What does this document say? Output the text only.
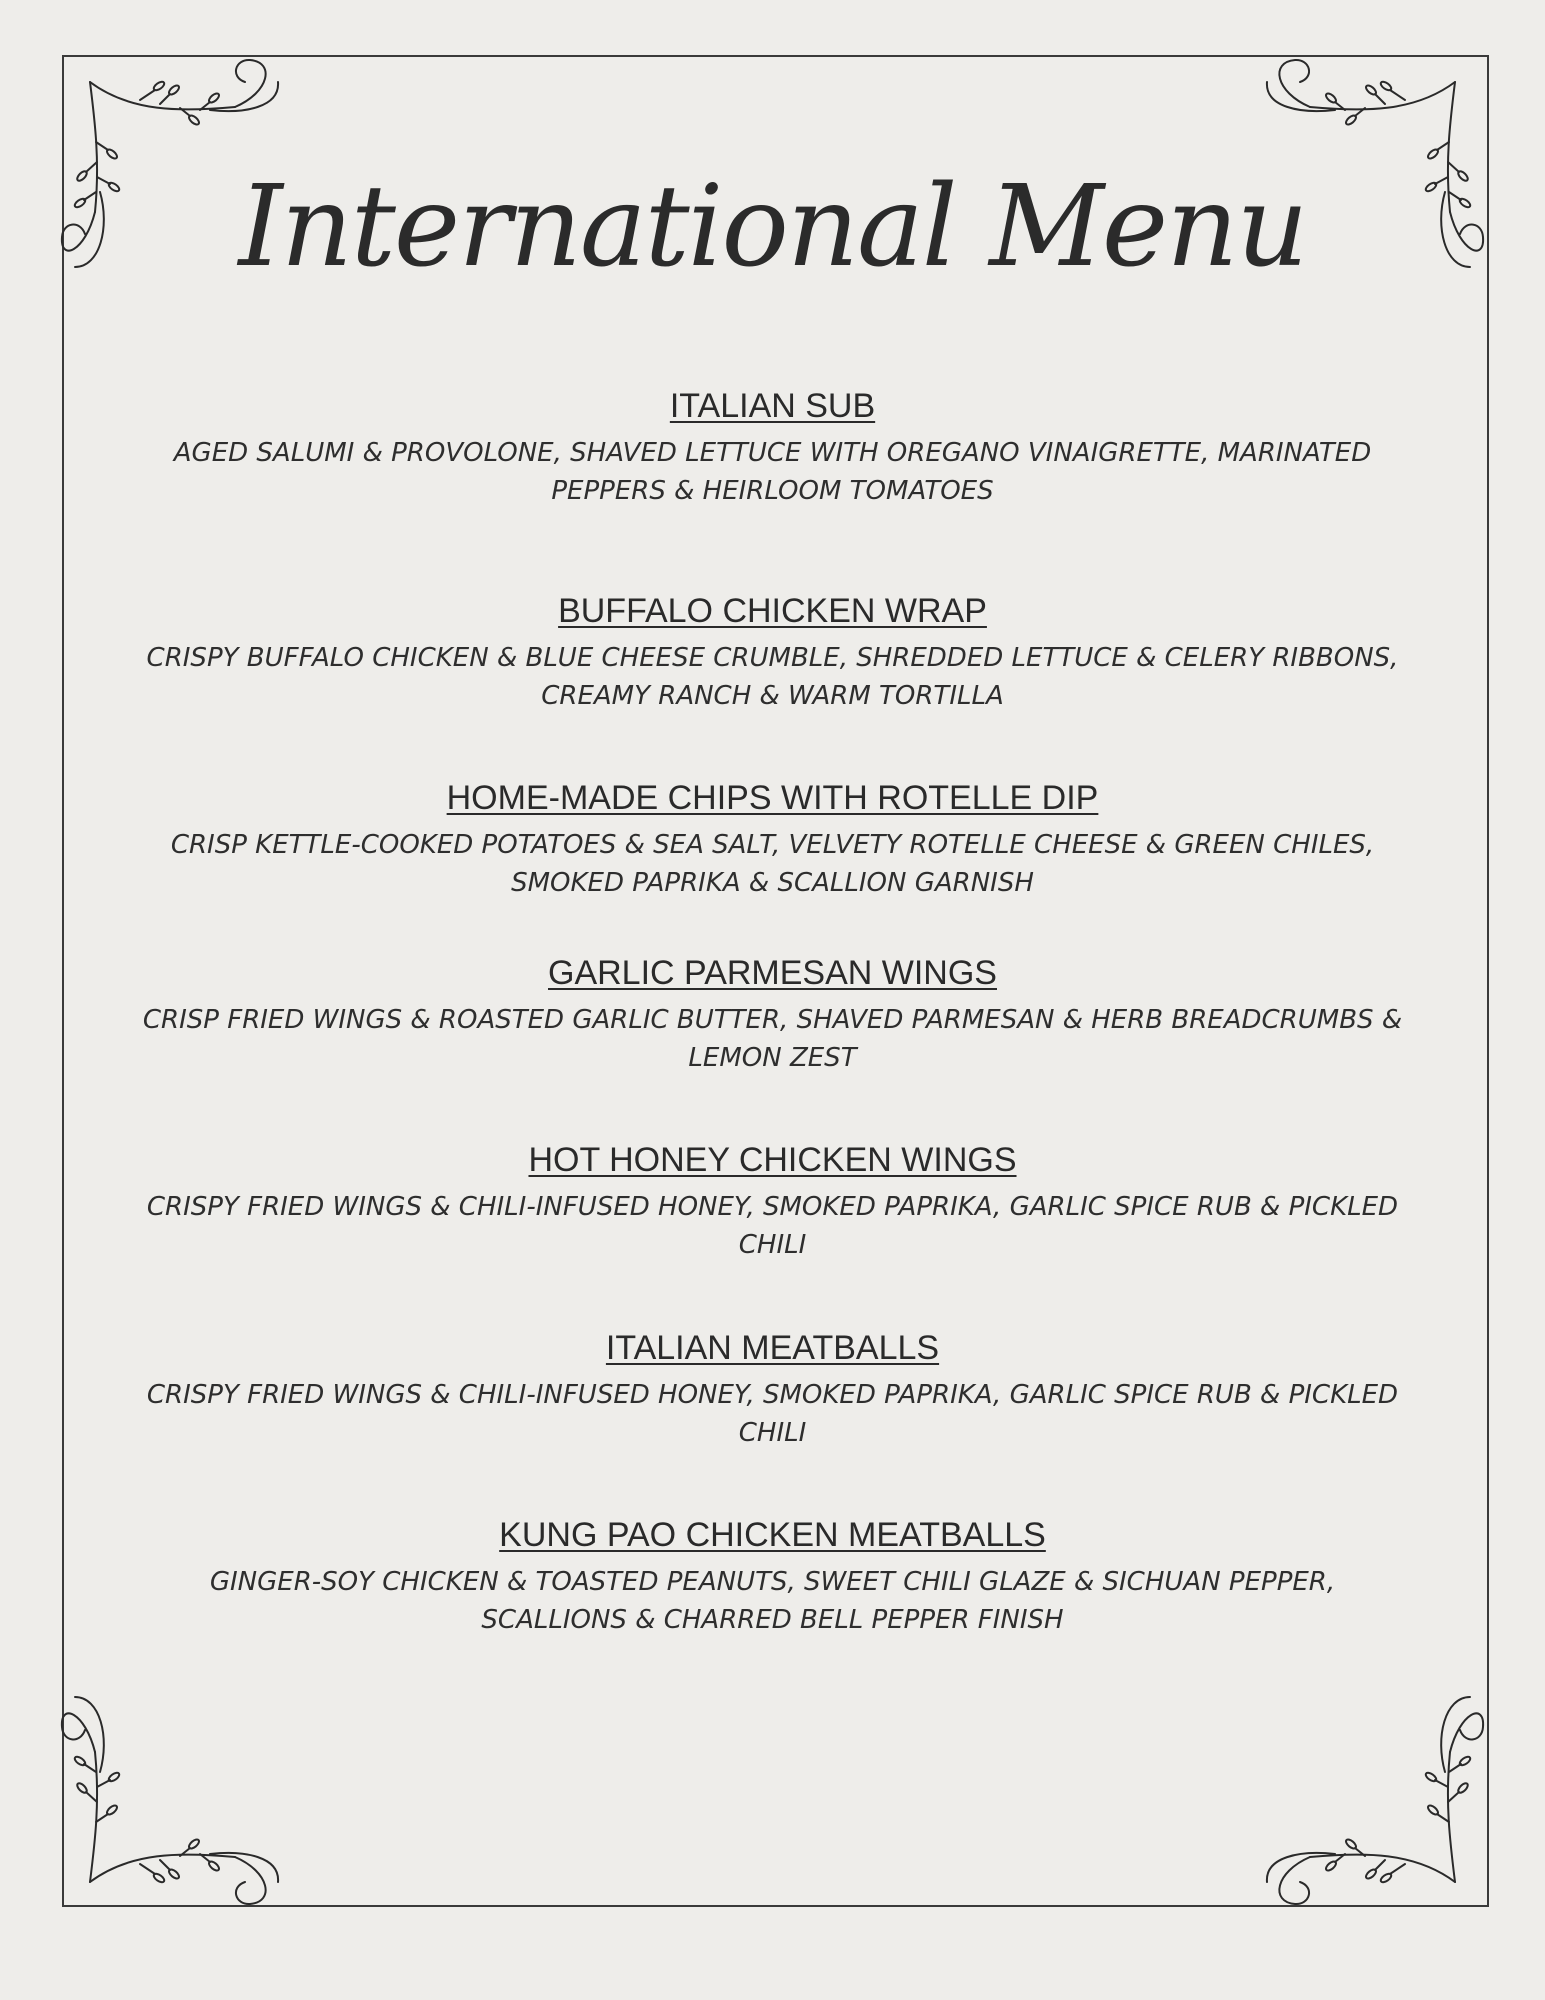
International Menu

ITALIAN SUB

AGED SALUMI & PROVOLONE, SHAVED LETTUCE WITH OREGANO VINAIGRETTE, MARINATED PEPPERS & HEIRLOOM TOMATOES

BUFFALO CHICKEN WRAP

CRISPY BUFFALO CHICKEN & BLUE CHEESE CRUMBLE, SHREDDED LETTUCE & CELERY RIBBONS, CREAMY RANCH & WARM TORTILLA

HOME-MADE CHIPS WITH ROTELLE DIP

CRISP KETTLE-COOKED POTATOES & SEA SALT, VELVETY ROTELLE CHEESE & GREEN CHILES, SMOKED PAPRIKA & SCALLION GARNISH

GARLIC PARMESAN WINGS

CRISP FRIED WINGS & ROASTED GARLIC BUTTER, SHAVED PARMESAN & HERB BREADCRUMBS & LEMON ZEST

HOT HONEY CHICKEN WINGS

CRISPY FRIED WINGS & CHILI-INFUSED HONEY, SMOKED PAPRIKA, GARLIC SPICE RUB & PICKLED CHILI

ITALIAN MEATBALLS

CRISPY FRIED WINGS & CHILI-INFUSED HONEY, SMOKED PAPRIKA, GARLIC SPICE RUB & PICKLED CHILI

KUNG PAO CHICKEN MEATBALLS

GINGER-SOY CHICKEN & TOASTED PEANUTS, SWEET CHILI GLAZE & SICHUAN PEPPER, SCALLIONS & CHARRED BELL PEPPER FINISH
